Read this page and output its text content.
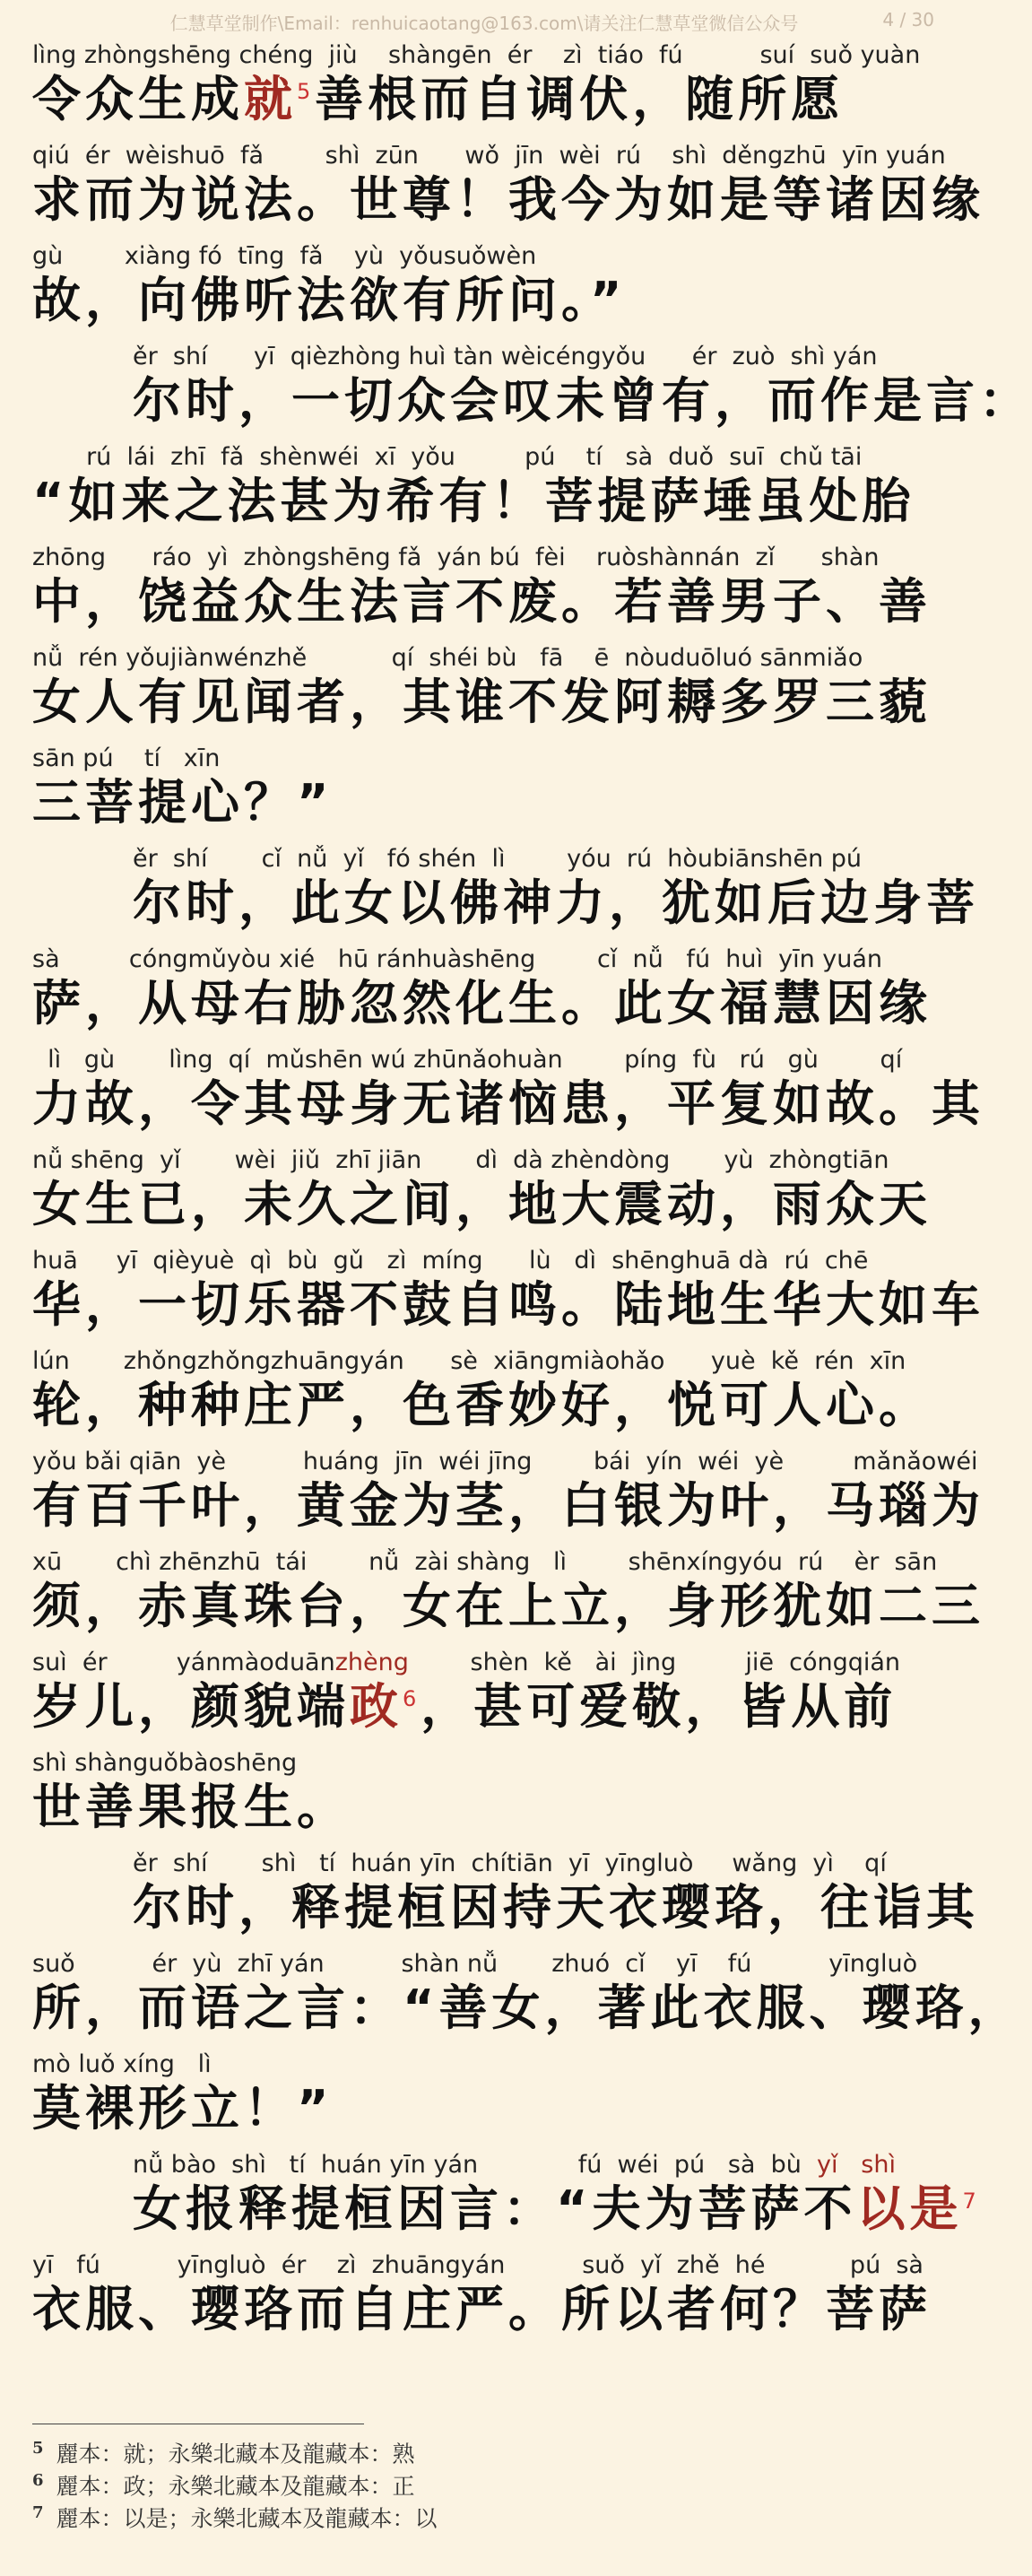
仁慧草堂制作\Email：renhuicaotang@163.com\请关注仁慧草堂微信公众号	4 / 30
lìng zhòngshēng chéng  jiù    shàngēn  ér    zì  tiáo  fú          suí  suǒ yuàn
令众生成就$^5$善根而自调伏，随所愿
qiú  ér  wèishuō  fǎ        shì  zūn      wǒ  jīn  wèi  rú    shì  děngzhū  yīn yuán
求而为说法。世尊！我今为如是等诸因缘
gù        xiàng fó  tīng  fǎ    yù  yǒusuǒwèn
故，向佛听法欲有所问。”
ěr  shí      yī  qièzhòng huì tàn wèicéngyǒu      ér  zuò  shì yán
尔时，一切众会叹未曾有，而作是言：
rú  lái  zhī  fǎ  shènwéi  xī  yǒu         pú    tí   sà  duǒ  suī  chǔ tāi
“如来之法甚为希有！菩提萨埵虽处胎
zhōng      ráo  yì  zhòngshēng fǎ  yán bú  fèi    ruòshànnán  zǐ      shàn
中，饶益众生法言不废。若善男子、善
nǚ  rén yǒujiànwénzhě           qí  shéi bù   fā    ē  nòuduōluó sānmiǎo
女人有见闻者，其谁不发阿耨多罗三藐
sān pú    tí   xīn
三菩提心？”
ěr  shí       cǐ  nǚ  yǐ   fó shén  lì        yóu  rú  hòubiānshēn pú
尔时，此女以佛神力，犹如后边身菩
sà         cóngmǔyòu xié   hū ránhuàshēng        cǐ  nǚ   fú  huì  yīn yuán
萨，从母右胁忽然化生。此女福慧因缘
lì   gù       lìng  qí  mǔshēn wú zhūnǎohuàn        píng  fù   rú   gù        qí
力故，令其母身无诸恼患，平复如故。其
nǚ shēng  yǐ       wèi  jiǔ  zhī jiān       dì  dà zhèndòng       yù  zhòngtiān
女生已，未久之间，地大震动，雨众天
huā     yī  qièyuè  qì  bù  gǔ   zì  míng      lù   dì  shēnghuā dà  rú  chē
华，一切乐器不鼓自鸣。陆地生华大如车
lún       zhǒngzhǒngzhuāngyán      sè  xiāngmiàohǎo      yuè  kě  rén  xīn
轮，种种庄严，色香妙好，悦可人心。
yǒu bǎi qiān  yè          huáng  jīn  wéi jīng        bái  yín  wéi  yè         mǎnǎowéi
有百千叶，黄金为茎，白银为叶，马瑙为
xū       chì zhēnzhū  tái        nǚ  zài shàng   lì        shēnxíngyóu  rú    èr  sān
须，赤真珠台，女在上立，身形犹如二三
suì  ér         yánmàoduānzhèng        shèn  kě   ài  jìng         jiē  cóngqián
岁儿，颜貌端政$^6$，甚可爱敬，皆从前
shì shànguǒbàoshēng
世善果报生。
ěr  shí       shì   tí  huán yīn  chítiān  yī  yīngluò     wǎng  yì    qí
尔时，释提桓因持天衣璎珞，往诣其
suǒ          ér  yù  zhī yán          shàn nǚ       zhuó  cǐ    yī    fú          yīngluò
所，而语之言：“善女，著此衣服、璎珞，
mò luǒ xíng   lì
莫裸形立！”
nǚ bào  shì   tí  huán yīn yán             fú  wéi  pú   sà  bù  yǐ   shì
女报释提桓因言：“夫为菩萨不以是$^7$
yī   fú          yīngluò  ér    zì  zhuāngyán          suǒ  yǐ  zhě  hé           pú  sà
衣服、璎珞而自庄严。所以者何？菩萨
$^5$ 麗本：就；永樂北藏本及龍藏本：熟
$^6$ 麗本：政；永樂北藏本及龍藏本：正
$^7$ 麗本：以是；永樂北藏本及龍藏本：以
